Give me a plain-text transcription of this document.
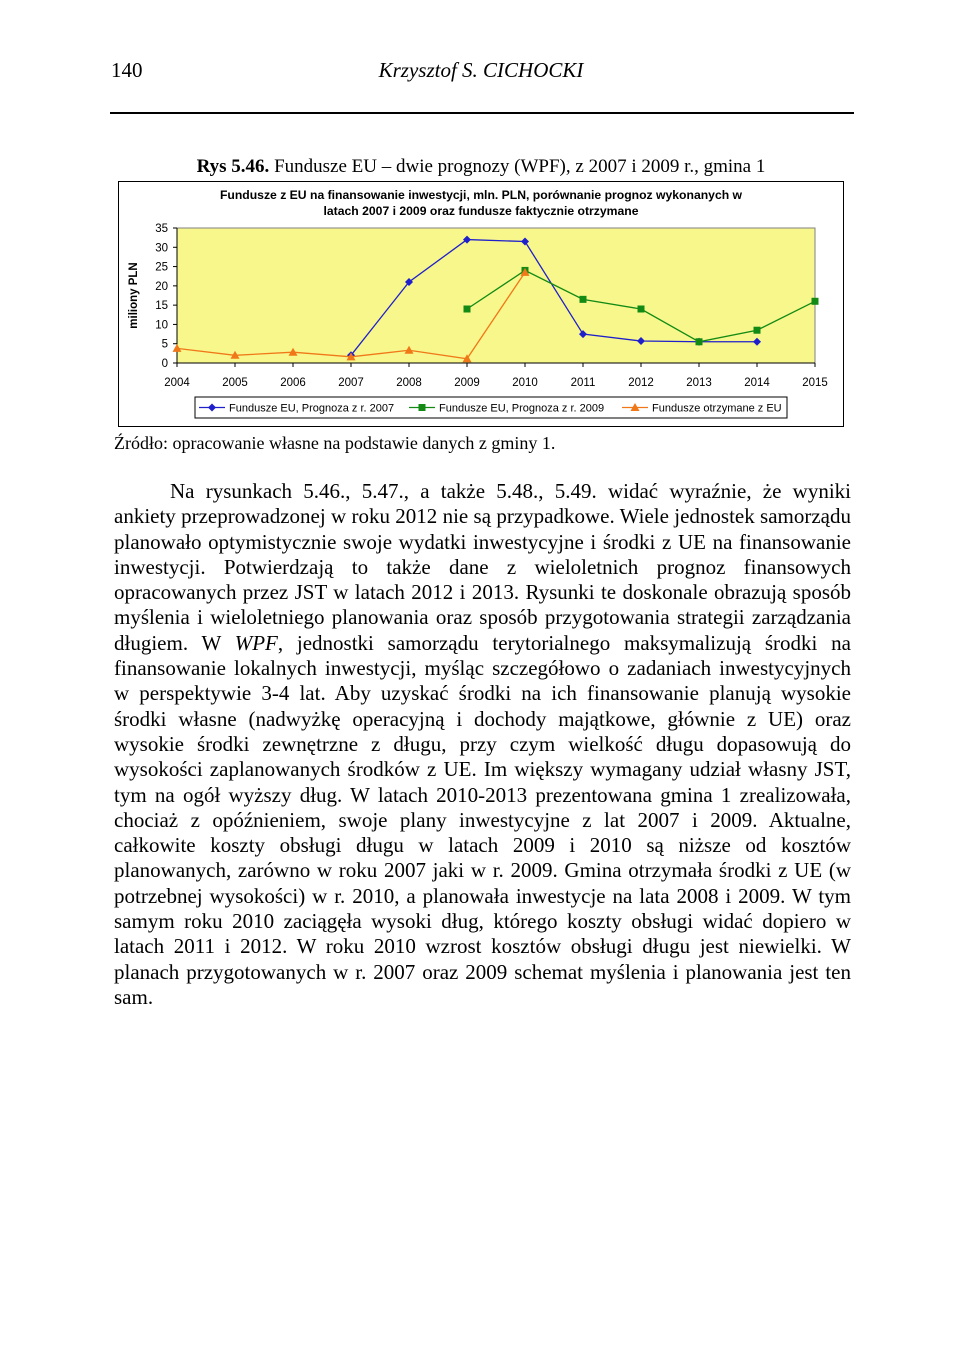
140	Krzysztof S. CICHOCKI
Rys 5.46. Fundusze EU – dwie prognozy (WPF), z 2007 i 2009 r., gmina 1
Fundusze z EU na finansowanie inwestycji, mln. PLN, porównanie prognoz wykonanych w
latach 2007 i 2009 oraz fundusze faktycznie otrzymane
0
5
10
15
20
25
30
35
2004	2005	2006	2007	2008	2009	2010	2011	2012	2013	2014	2015
miliony PLN
Fundusze EU, Prognoza z r. 2007	Fundusze EU, Prognoza z r. 2009	Fundusze otrzymane z EU
Źródło: opracowanie własne na podstawie danych z gminy 1.

Na rysunkach 5.46., 5.47., a także 5.48., 5.49. widać wyraźnie, że wyniki ankiety przeprowadzonej w roku 2012 nie są przypadkowe. Wiele jednostek samorządu planowało optymistycznie swoje wydatki inwestycyjne i środki z UE na finansowanie inwestycji. Potwierdzają to także dane z wieloletnich prognoz finansowych opracowanych przez JST w latach 2012 i 2013. Rysunki te doskonale obrazują sposób myślenia i wieloletniego planowania oraz sposób przygotowania strategii zarządzania długiem. W WPF, jednostki samorządu terytorialnego maksymalizują środki na finansowanie lokalnych inwestycji, myśląc szczegółowo o zadaniach inwestycyjnych w perspektywie 3-4 lat. Aby uzyskać środki na ich finansowanie planują wysokie środki własne (nadwyżkę operacyjną i dochody majątkowe, głównie z UE) oraz wysokie środki zewnętrzne z długu, przy czym wielkość długu dopasowują do wysokości zaplanowanych środków z UE. Im większy wymagany udział własny JST, tym na ogół wyższy dług. W latach 2010-2013 prezentowana gmina 1 zrealizowała, chociaż z opóźnieniem, swoje plany inwestycyjne z lat 2007 i 2009. Aktualne, całkowite koszty obsługi długu w latach 2009 i 2010 są niższe od kosztów planowanych, zarówno w roku 2007 jaki w r. 2009. Gmina otrzymała środki z UE (w potrzebnej wysokości) w r. 2010, a planowała inwestycje na lata 2008 i 2009. W tym samym roku 2010 zaciągęła wysoki dług, którego koszty obsługi widać dopiero w latach 2011 i 2012. W roku 2010 wzrost kosztów obsługi długu jest niewielki. W planach przygotowanych w r. 2007 oraz 2009 schemat myślenia i planowania jest ten sam.
